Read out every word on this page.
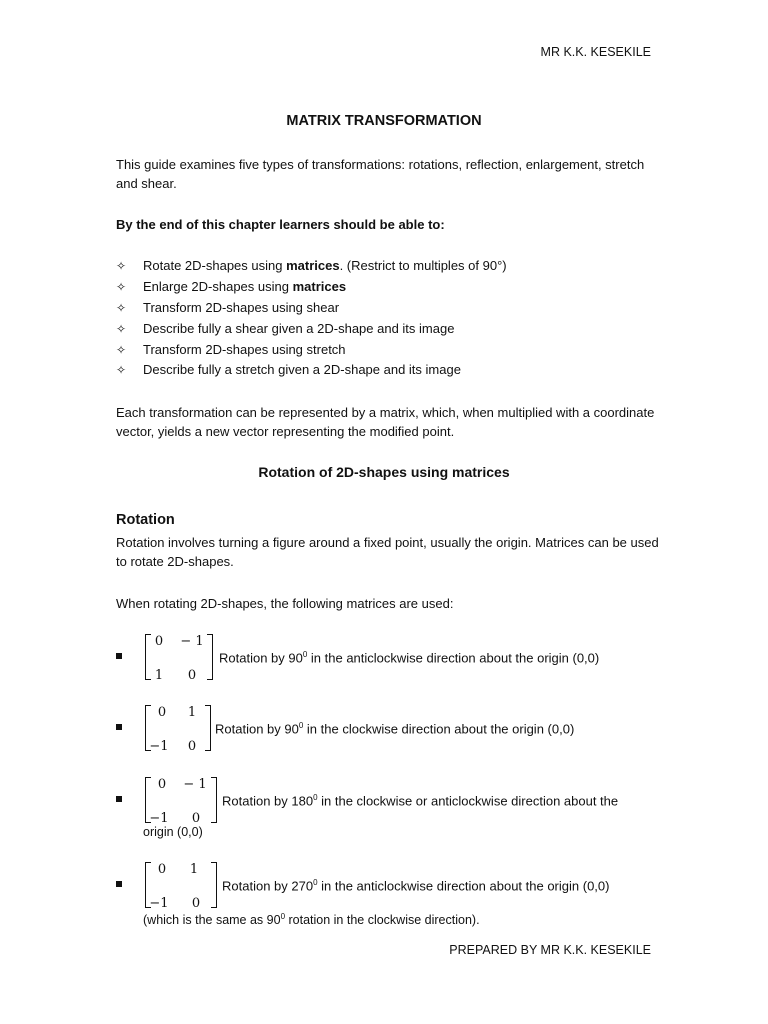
MR K.K. KESEKILE
MATRIX TRANSFORMATION
This guide examines five types of transformations: rotations, reflection, enlargement, stretch and shear.
By the end of this chapter learners should be able to:
✧ Rotate 2D-shapes using matrices. (Restrict to multiples of 90°)
✧ Enlarge 2D-shapes using matrices
✧ Transform 2D-shapes using shear
✧ Describe fully a shear given a 2D-shape and its image
✧ Transform 2D-shapes using stretch
✧ Describe fully a stretch given a 2D-shape and its image
Each transformation can be represented by a matrix, which, when multiplied with a coordinate vector, yields a new vector representing the modified point.
Rotation of 2D-shapes using matrices
Rotation
Rotation involves turning a figure around a fixed point, usually the origin. Matrices can be used to rotate 2D-shapes.
When rotating 2D-shapes, the following matrices are used:
0	− 1
1	0
Rotation by $90^0$ in the anticlockwise direction about the origin (0,0)
0	1
−1	0
Rotation by $90^0$ in the clockwise direction about the origin (0,0)
0	− 1
−1	0
Rotation by $180^0$ in the clockwise or anticlockwise direction about the
origin (0,0)
0	1
−1	0
Rotation by $270^0$ in the anticlockwise direction about the origin (0,0)
(which is the same as $90^0$ rotation in the clockwise direction).
PREPARED BY MR K.K. KESEKILE
